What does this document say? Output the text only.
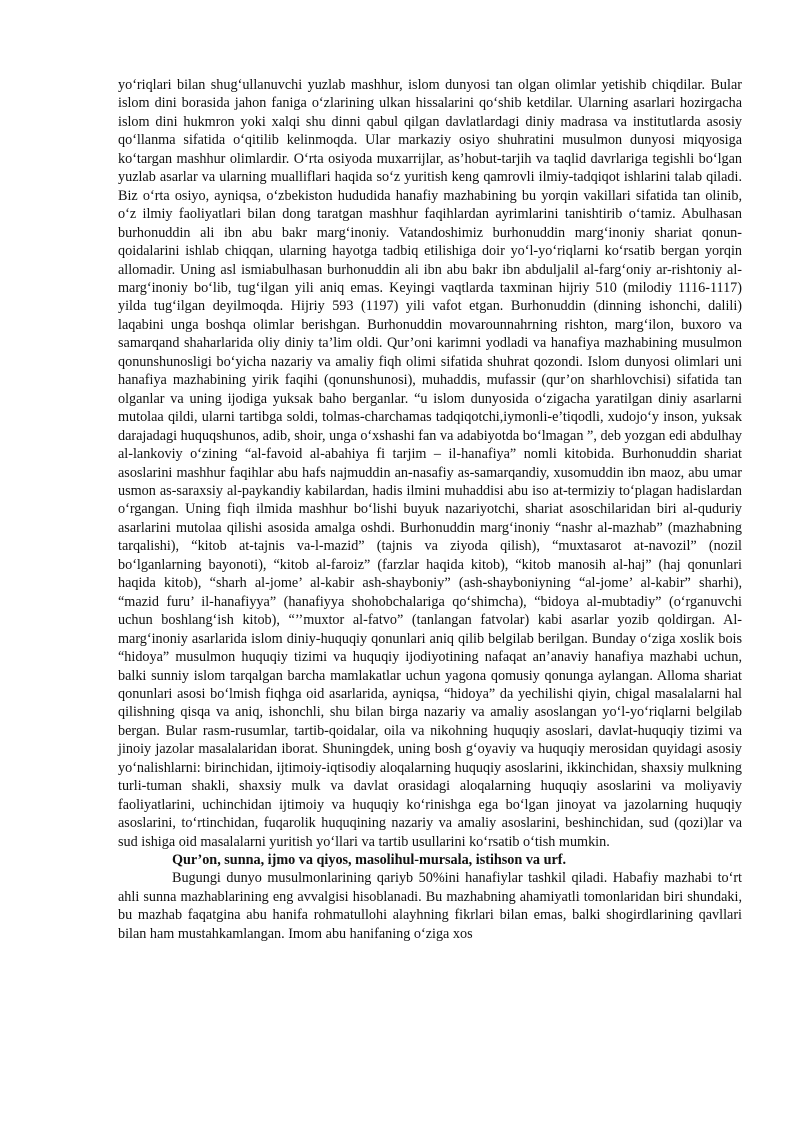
yo‘riqlari bilan shug‘ullanuvchi yuzlab mashhur, islom dunyosi tan olgan olimlar yetishib chiqdilar. Bular islom dini borasida jahon faniga o‘zlarining ulkan hissalarini qo‘shib ketdilar. Ularning asarlari hozirgacha islom dini hukmron yoki xalqi shu dinni qabul qilgan davlatlardagi diniy madrasa va institutlarda asosiy qo‘llanma sifatida o‘qitilib kelinmoqda. Ular markaziy osiyo shuhratini musulmon dunyosi miqyosiga ko‘targan mashhur olimlardir. O‘rta osiyoda muxarrijlar, as’hobut-tarjih va taqlid davrlariga tegishli bo‘lgan yuzlab asarlar va ularning mualliflari haqida so‘z yuritish keng qamrovli ilmiy-tadqiqot ishlarini talab qiladi. Biz o‘rta osiyo, ayniqsa, o‘zbekiston hududida hanafiy mazhabining bu yorqin vakillari sifatida tan olinib, o‘z ilmiy faoliyatlari bilan dong taratgan mashhur faqihlardan ayrimlarini tanishtirib o‘tamiz. Abulhasan burhonuddin ali ibn abu bakr marg‘inoniy. Vatandoshimiz burhonuddin marg‘inoniy shariat qonun-qoidalarini ishlab chiqqan, ularning hayotga tadbiq etilishiga doir yo‘l-yo‘riqlarni ko‘rsatib bergan yorqin allomadir. Uning asl ismiabulhasan burhonuddin ali ibn abu bakr ibn abduljalil al-farg‘oniy ar-rishtoniy al-marg‘inoniy bo‘lib, tug‘ilgan yili aniq emas. Keyingi vaqtlarda taxminan hijriy 510 (milodiy 1116-1117) yilda tug‘ilgan deyilmoqda. Hijriy 593 (1197) yili vafot etgan. Burhonuddin (dinning ishonchi, dalili) laqabini unga boshqa olimlar berishgan. Burhonuddin movarounnahrning rishton, marg‘ilon, buxoro va samarqand shaharlarida oliy diniy ta’lim oldi. Qur’oni karimni yodladi va hanafiya mazhabining musulmon qonunshunosligi bo‘yicha nazariy va amaliy fiqh olimi sifatida shuhrat qozondi. Islom dunyosi olimlari uni hanafiya mazhabining yirik faqihi (qonunshunosi), muhaddis, mufassir (qur’on sharhlovchisi) sifatida tan olganlar va uning ijodiga yuksak baho berganlar. “u islom dunyosida o‘zigacha yaratilgan diniy asarlarni mutolaa qildi, ularni tartibga soldi, tolmas-charchamas tadqiqotchi,iymonli-e’tiqodli, xudojo‘y inson, yuksak darajadagi huquqshunos, adib, shoir, unga o‘xshashi fan va adabiyotda bo‘lmagan ”, deb yozgan edi abdulhay al-lankoviy o‘zining “al-favoid al-abahiya fi tarjim – il-hanafiya” nomli kitobida. Burhonuddin shariat asoslarini mashhur faqihlar abu hafs najmuddin an-nasafiy as-samarqandiy, xusomuddin ibn maoz, abu umar usmon as-saraxsiy al-paykandiy kabilardan, hadis ilmini muhaddisi abu iso at-termiziy to‘plagan hadislardan o‘rgangan. Uning fiqh ilmida mashhur bo‘lishi buyuk nazariyotchi, shariat asoschilaridan biri al-quduriy asarlarini mutolaa qilishi asosida amalga oshdi. Burhonuddin marg‘inoniy “nashr al-mazhab” (mazhabning tarqalishi), “kitob at-tajnis va-l-mazid” (tajnis va ziyoda qilish), “muxtasarot at-navozil” (nozil bo‘lganlarning bayonoti), “kitob al-faroiz” (farzlar haqida kitob), “kitob manosih al-haj” (haj qonunlari haqida kitob), “sharh al-jome’ al-kabir ash-shayboniy” (ash-shayboniyning “al-jome’ al-kabir” sharhi), “mazid furu’ il-hanafiyya” (hanafiyya shohobchalariga qo‘shimcha), “bidoya al-mubtadiy” (o‘rganuvchi uchun boshlang‘ish kitob), “’’muxtor al-fatvo” (tanlangan fatvolar) kabi asarlar yozib qoldirgan. Al-marg‘inoniy asarlarida islom diniy-huquqiy qonunlari aniq qilib belgilab berilgan. Bunday o‘ziga xoslik bois “hidoya” musulmon huquqiy tizimi va huquqiy ijodiyotining nafaqat an’anaviy hanafiya mazhabi uchun, balki sunniy islom tarqalgan barcha mamlakatlar uchun yagona qomusiy qonunga aylangan. Alloma shariat qonunlari asosi bo‘lmish fiqhga oid asarlarida, ayniqsa, “hidoya” da yechilishi qiyin, chigal masalalarni hal qilishning qisqa va aniq, ishonchli, shu bilan birga nazariy va amaliy asoslangan yo‘l-yo‘riqlarni belgilab bergan. Bular rasm-rusumlar, tartib-qoidalar, oila va nikohning huquqiy asoslari, davlat-huquqiy tizimi va jinoiy jazolar masalalaridan iborat. Shuningdek, uning bosh g‘oyaviy va huquqiy merosidan quyidagi asosiy yo‘nalishlarni: birinchidan, ijtimoiy-iqtisodiy aloqalarning huquqiy asoslarini, ikkinchidan, shaxsiy mulkning turli-tuman shakli, shaxsiy mulk va davlat orasidagi aloqalarning huquqiy asoslarini va moliyaviy faoliyatlarini, uchinchidan ijtimoiy va huquqiy ko‘rinishga ega bo‘lgan jinoyat va jazolarning huquqiy asoslarini, to‘rtinchidan, fuqarolik huquqining nazariy va amaliy asoslarini, beshinchidan, sud (qozi)lar va sud ishiga oid masalalarni yuritish yo‘llari va tartib usullarini ko‘rsatib o‘tish mumkin.

Qur’on, sunna, ijmo va qiyos, masolihul-mursala, istihson va urf.

Bugungi dunyo musulmonlarining qariyb 50%ini hanafiylar tashkil qiladi. Habafiy mazhabi to‘rt ahli sunna mazhablarining eng avvalgisi hisoblanadi. Bu mazhabning ahamiyatli tomonlaridan biri shundaki, bu mazhab faqatgina abu hanifa rohmatullohi alayhning fikrlari bilan emas, balki shogirdlarining qavllari bilan ham mustahkamlangan. Imom abu hanifaning o‘ziga xos
